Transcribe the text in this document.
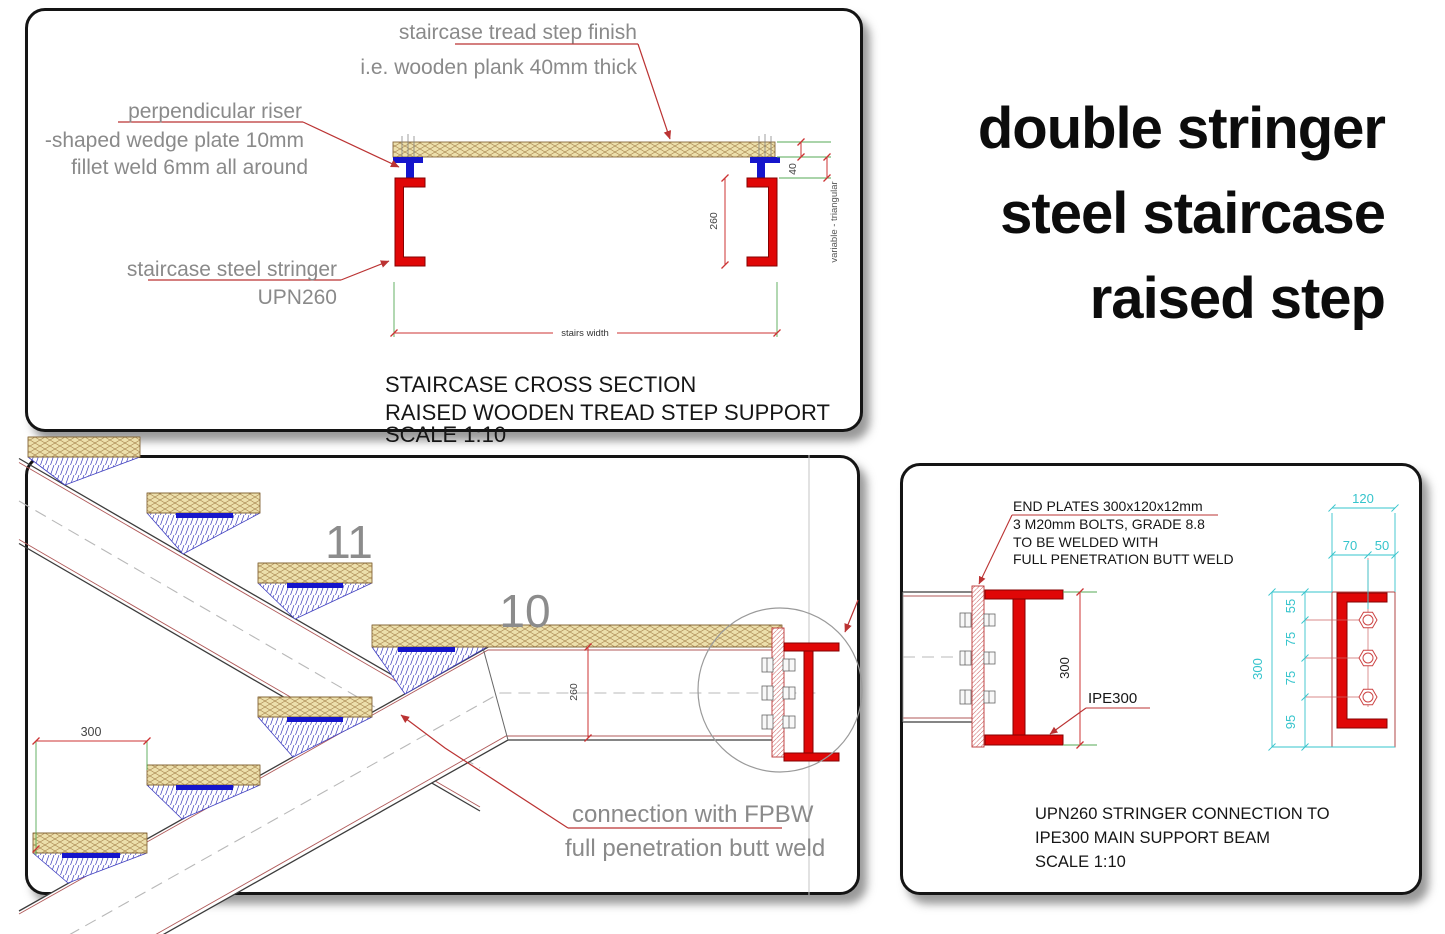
40
variable - triangular
260
stairs width
staircase tread step finish
i.e. wooden plank 40mm thick
perpendicular riser
-shaped wedge plate 10mm
fillet weld 6mm all around
staircase steel stringer
UPN260
STAIRCASE CROSS SECTION
RAISED WOODEN TREAD STEP SUPPORT
SCALE 1:10
double stringer
steel staircase
raised step
260
300
11
10
connection with FPBW
full penetration butt weld
END PLATES 300x120x12mm
3 M20mm BOLTS, GRADE 8.8
TO BE WELDED WITH
FULL PENETRATION BUTT WELD
300
IPE300
120
70 50
300
55
75
75
95
UPN260 STRINGER CONNECTION TO
IPE300 MAIN SUPPORT BEAM
SCALE 1:10
